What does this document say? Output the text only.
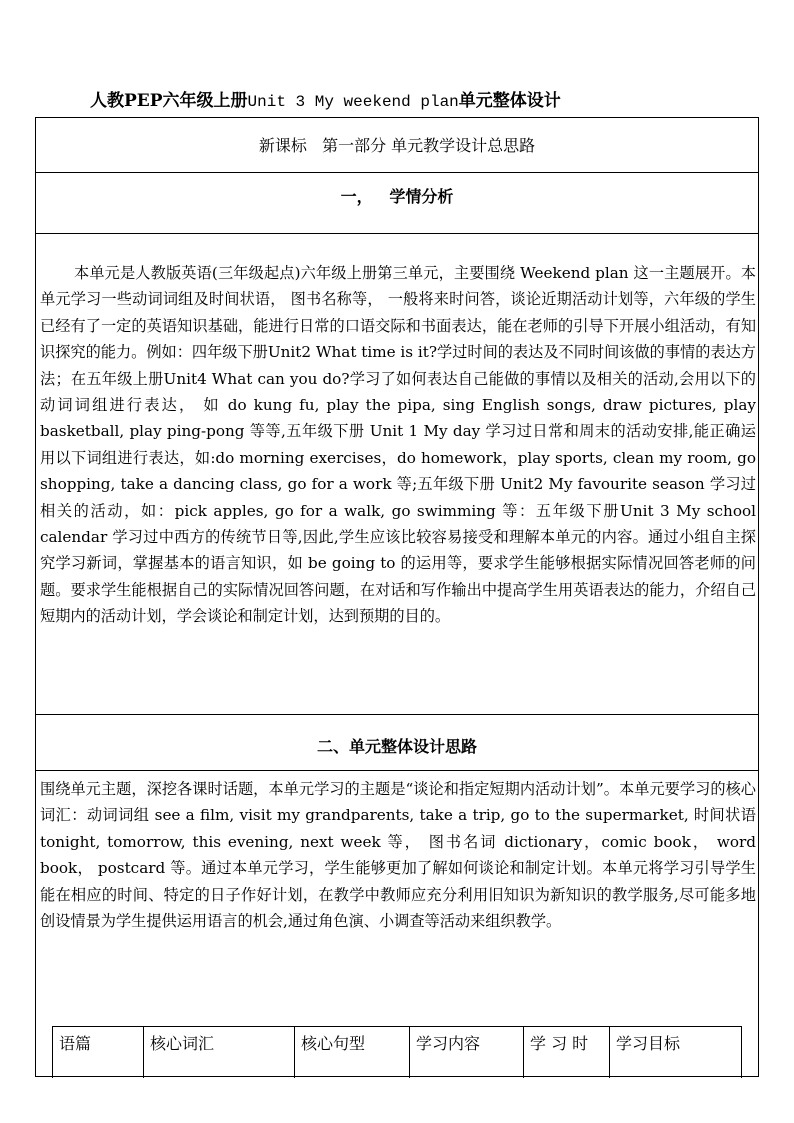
人教PEP六年级上册Unit 3 My weekend plan单元整体设计
新课标   第一部分 单元教学设计总思路
一，   学情分析

本单元是人教版英语(三年级起点)六年级上册第三单元，主要围绕 Weekend plan 这一主题展开。本单元学习一些动词词组及时间状语， 图书名称等， 一般将来时问答，谈论近期活动计划等，六年级的学生已经有了一定的英语知识基础，能进行日常的口语交际和书面表达，能在老师的引导下开展小组活动，有知识探究的能力。例如：四年级下册Unit2 What time is it?学过时间的表达及不同时间该做的事情的表达方法；在五年级上册Unit4 What can you do?学习了如何表达自己能做的事情以及相关的活动,会用以下的动词词组进行表达， 如 do kung fu, play the pipa, sing English songs, draw pictures, play basketball, play ping-pong 等等,五年级下册 Unit 1 My day 学习过日常和周末的活动安排,能正确运用以下词组进行表达，如:do morning exercises，do homework，play sports, clean my room, go shopping, take a dancing class, go for a work 等;五年级下册 Unit2 My favourite season 学习过相关的活动，如：pick apples, go for a walk, go swimming 等：五年级下册Unit 3 My school calendar 学习过中西方的传统节日等,因此,学生应该比较容易接受和理解本单元的内容。通过小组自主探究学习新词，掌握基本的语言知识，如 be going to 的运用等，要求学生能够根据实际情况回答老师的问题。要求学生能根据自己的实际情况回答问题，在对话和写作输出中提高学生用英语表达的能力，介绍自己短期内的活动计划，学会谈论和制定计划，达到预期的目的。

二、单元整体设计思路

围绕单元主题，深挖各课时话题，本单元学习的主题是“谈论和指定短期内活动计划”。本单元要学习的核心词汇：动词词组 see a film, visit my grandparents, take a trip, go to the supermarket, 时间状语 tonight, tomorrow, this evening, next week 等， 图书名词 dictionary，comic book， word book， postcard 等。通过本单元学习，学生能够更加了解如何谈论和制定计划。本单元将学习引导学生能在相应的时间、特定的日子作好计划，在教学中教师应充分利用旧知识为新知识的教学服务,尽可能多地创设情景为学生提供运用语言的机会,通过角色演、小调查等活动来组织教学。

语篇	核心词汇	核心句型	学习内容	学 习 时	学习目标
